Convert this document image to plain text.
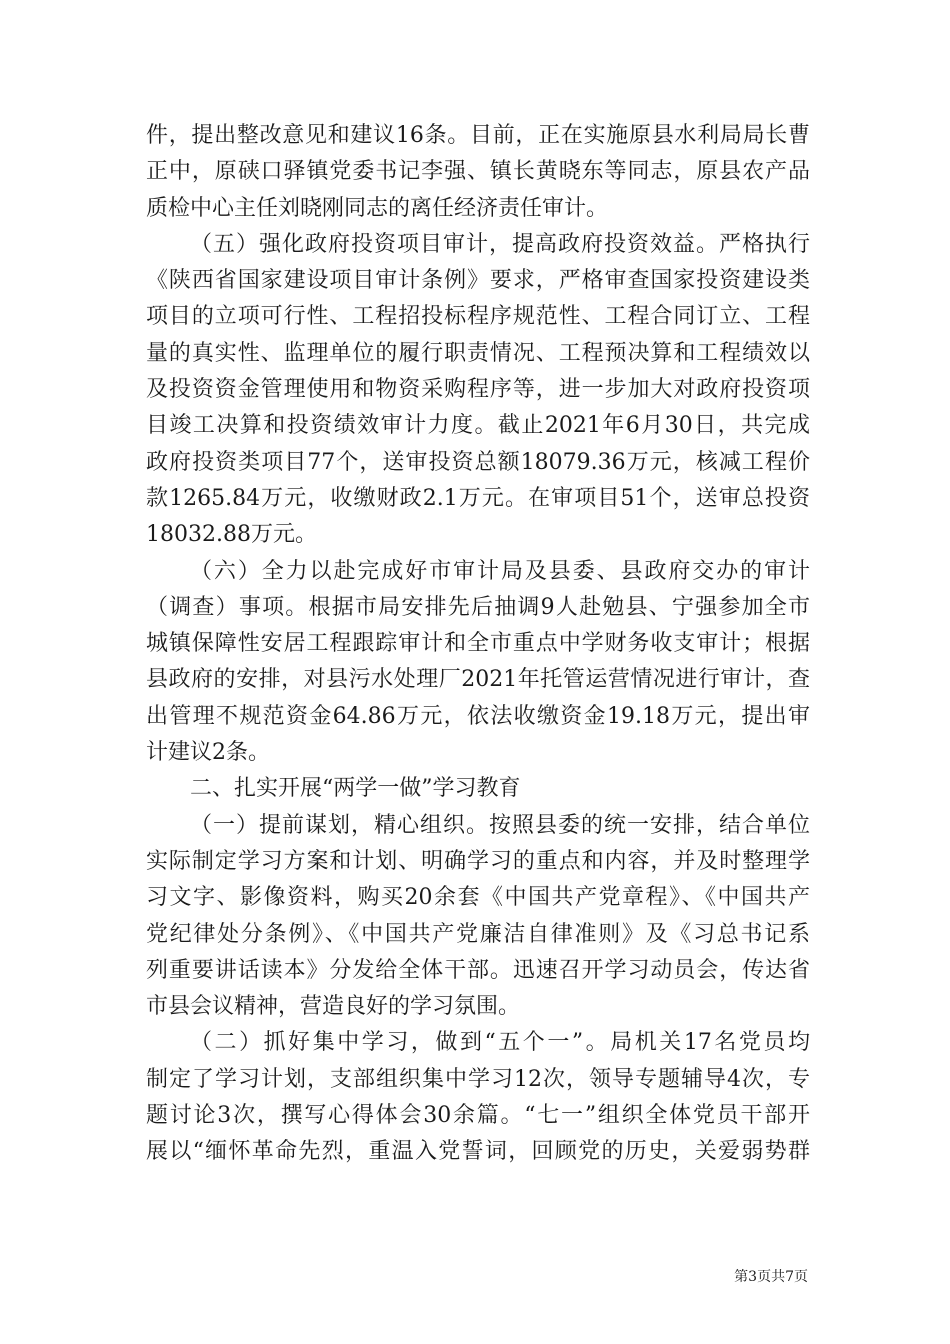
件，提出整改意见和建议16条。目前，正在实施原县水利局局长曹
正中，原硖口驿镇党委书记李强、镇长黄晓东等同志，原县农产品
质检中心主任刘晓刚同志的离任经济责任审计。
（五）强化政府投资项目审计，提高政府投资效益。严格执行
《陕西省国家建设项目审计条例》要求，严格审查国家投资建设类
项目的立项可行性、工程招投标程序规范性、工程合同订立、工程
量的真实性、监理单位的履行职责情况、工程预决算和工程绩效以
及投资资金管理使用和物资采购程序等，进一步加大对政府投资项
目竣工决算和投资绩效审计力度。截止2021年6月30日，共完成
政府投资类项目77个，送审投资总额18079.36万元，核减工程价
款1265.84万元，收缴财政2.1万元。在审项目51个，送审总投资
18032.88万元。
（六）全力以赴完成好市审计局及县委、县政府交办的审计
（调查）事项。根据市局安排先后抽调9人赴勉县、宁强参加全市
城镇保障性安居工程跟踪审计和全市重点中学财务收支审计；根据
县政府的安排，对县污水处理厂2021年托管运营情况进行审计，查
出管理不规范资金64.86万元，依法收缴资金19.18万元，提出审
计建议2条。
二、扎实开展“两学一做”学习教育
（一）提前谋划，精心组织。按照县委的统一安排，结合单位
实际制定学习方案和计划、明确学习的重点和内容，并及时整理学
习文字、影像资料，购买20余套《中国共产党章程》、《中国共产
党纪律处分条例》、《中国共产党廉洁自律准则》及《习总书记系
列重要讲话读本》分发给全体干部。迅速召开学习动员会，传达省
市县会议精神，营造良好的学习氛围。
（二）抓好集中学习，做到“五个一”。局机关17名党员均
制定了学习计划，支部组织集中学习12次，领导专题辅导4次，专
题讨论3次，撰写心得体会30余篇。“七一”组织全体党员干部开
展以“缅怀革命先烈，重温入党誓词，回顾党的历史，关爱弱势群
第3页共7页
